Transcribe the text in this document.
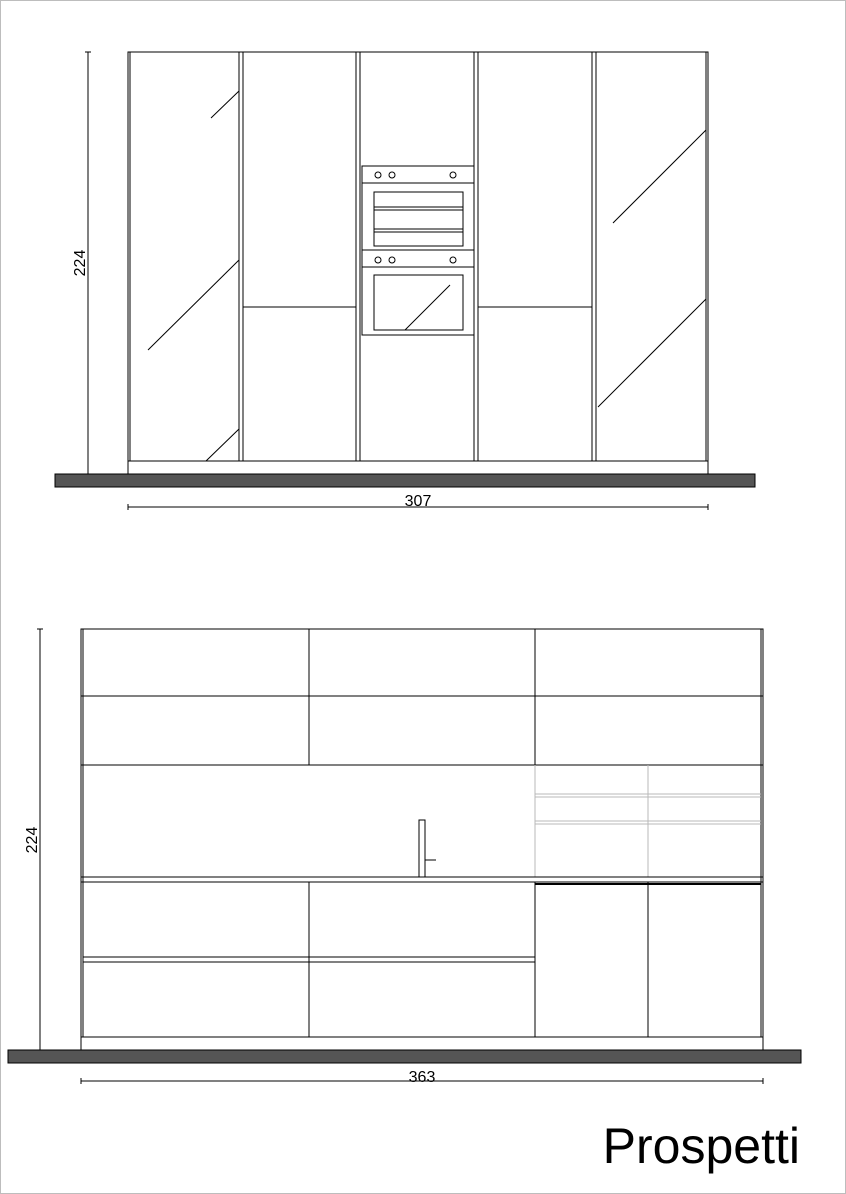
224
307
224
363
Prospetti
